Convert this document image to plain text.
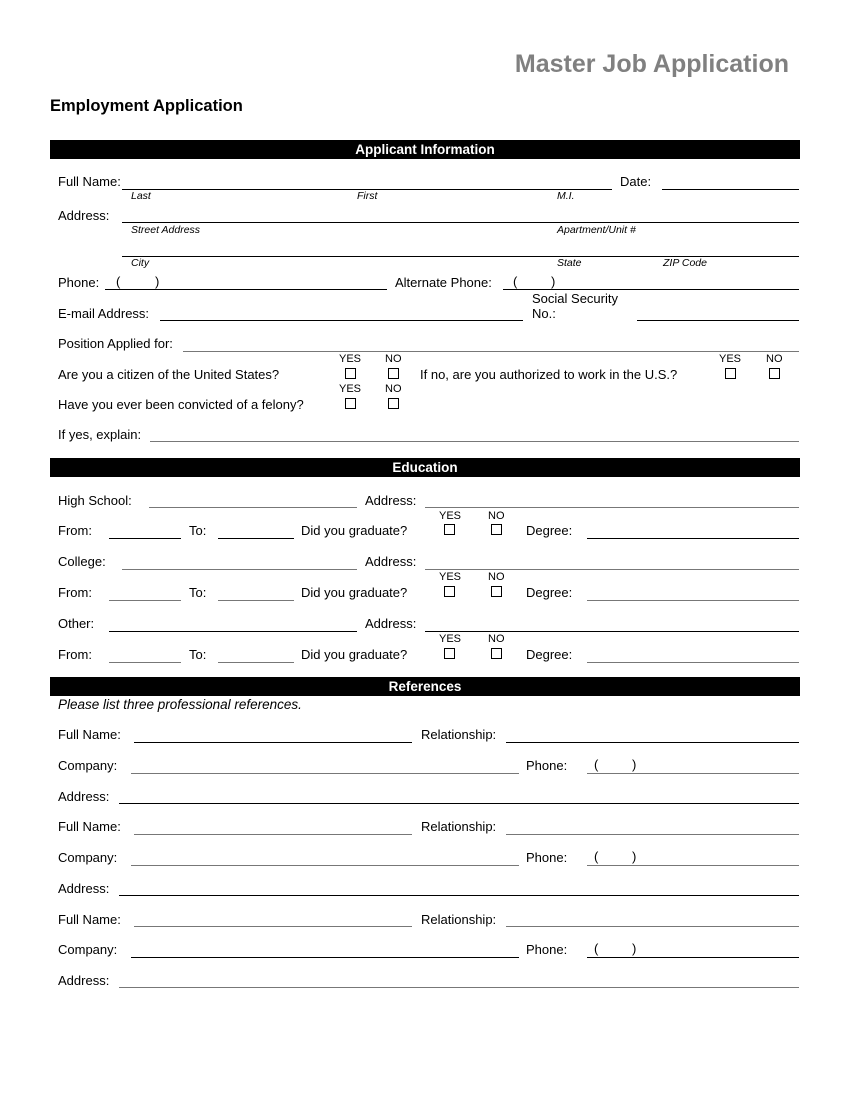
Master Job Application
Employment Application
Applicant Information
Full Name:	Date:
Last	First	M.I.
Address:
Street Address	Apartment/Unit #
City	State	ZIP Code
Phone: (	)	Alternate Phone: (	)
E-mail Address:
Social Security
No.:
Position Applied for:
YES NO
Are you a citizen of the United States?	If no, are you authorized to work in the U.S.?
YES NO
YES NO
Have you ever been convicted of a felony?
If yes, explain:
Education
High School:	Address:
YES NO
From:	To:	Did you graduate?	Degree:
College:	Address:
YES NO
From:	To:	Did you graduate?	Degree:
Other:	Address:
YES NO
From:	To:	Did you graduate?	Degree:
References
Please list three professional references.
Full Name:	Relationship:
Company:	Phone: (	)
Address:
Full Name:	Relationship:
Company:	Phone: (	)
Address:
Full Name:	Relationship:
Company:	Phone: (	)
Address:
